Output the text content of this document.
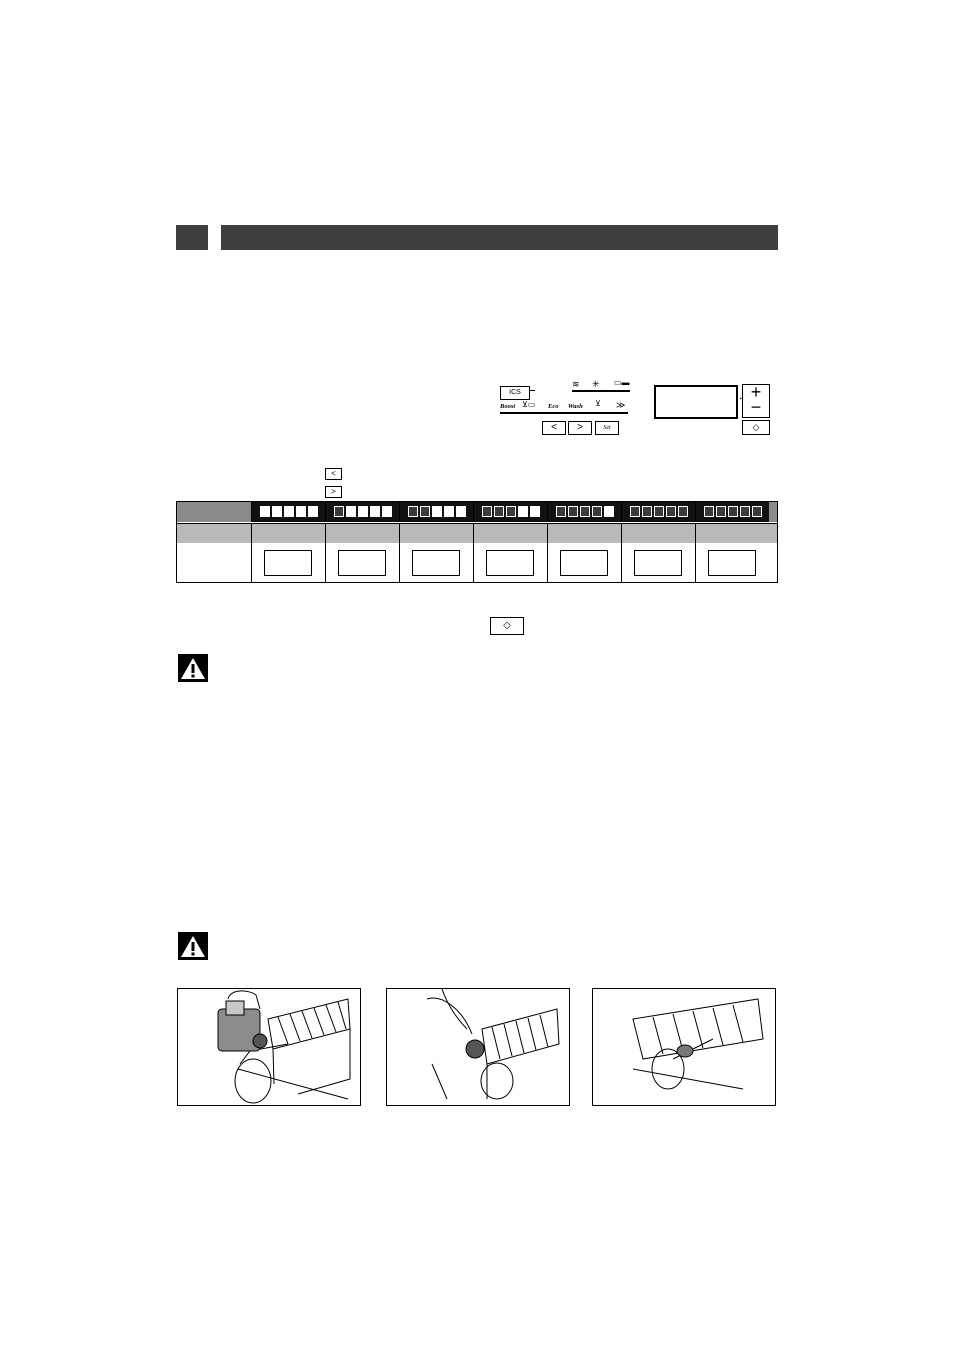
ICS
≋ ✳ ▭▬
Boost ⊻▭ Eco Wash ⊻ ≫
<	>	Set
◔ +
−
◇
<>
◇
